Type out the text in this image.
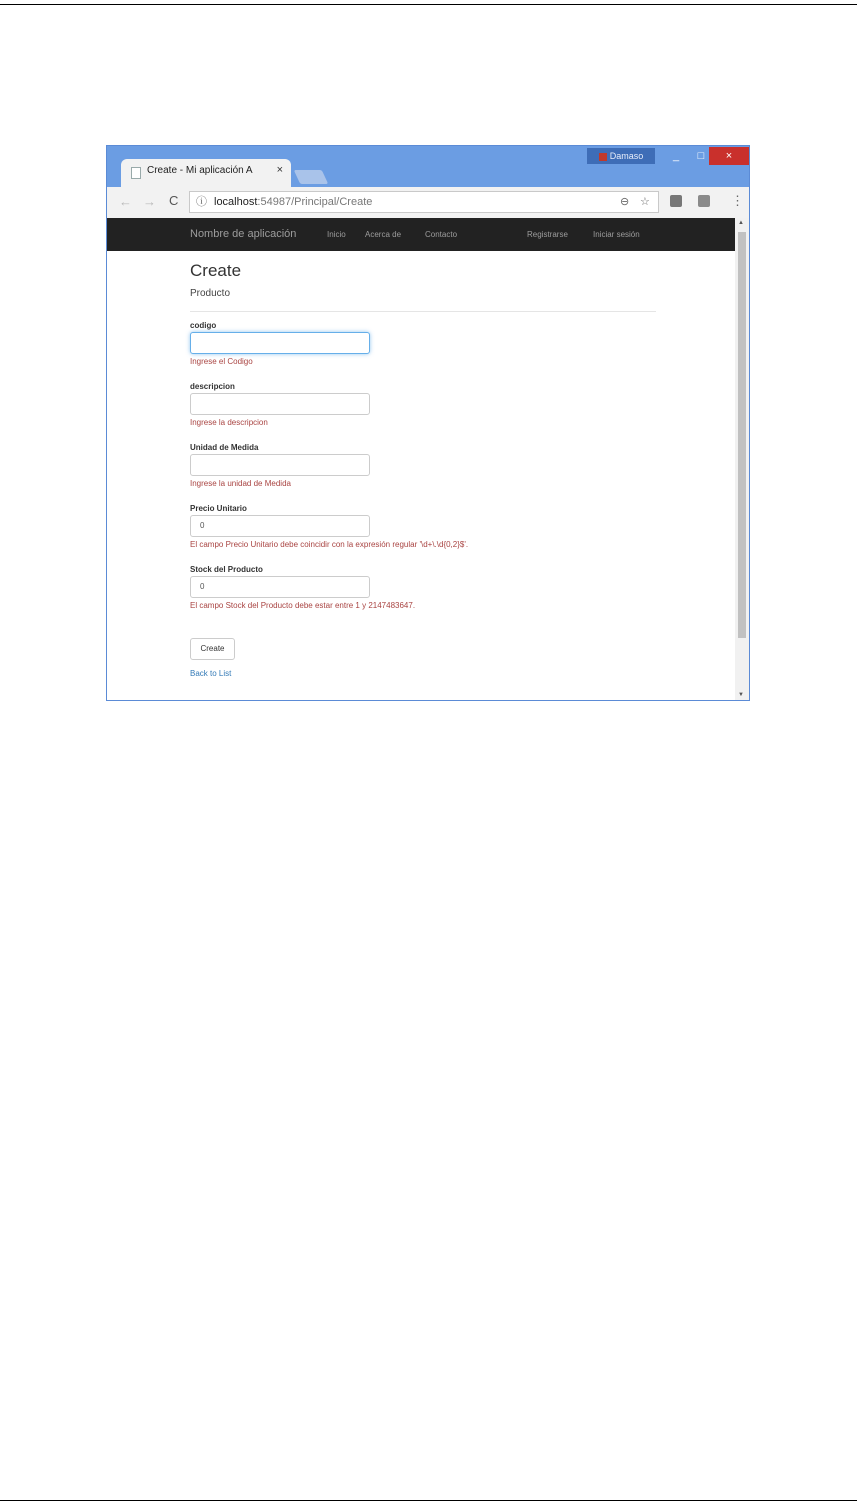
Create - Mi aplicación A ×
Damaso	_	□	×
← → C ⓘ localhost:54987/Principal/Create	⊖ ☆	⋮
Nombre de aplicación	Inicio Acerca de	Contacto	Registrarse	Iniciar sesión
Create
Producto
codigo
Ingrese el Codigo
descripcion
Ingrese la descripcion
Unidad de Medida
Ingrese la unidad de Medida
Precio Unitario
0
El campo Precio Unitario debe coincidir con la expresión regular '\d+\.\d{0,2}$'.
Stock del Producto
0
El campo Stock del Producto debe estar entre 1 y 2147483647.
Create
Back to List
▲
▼
